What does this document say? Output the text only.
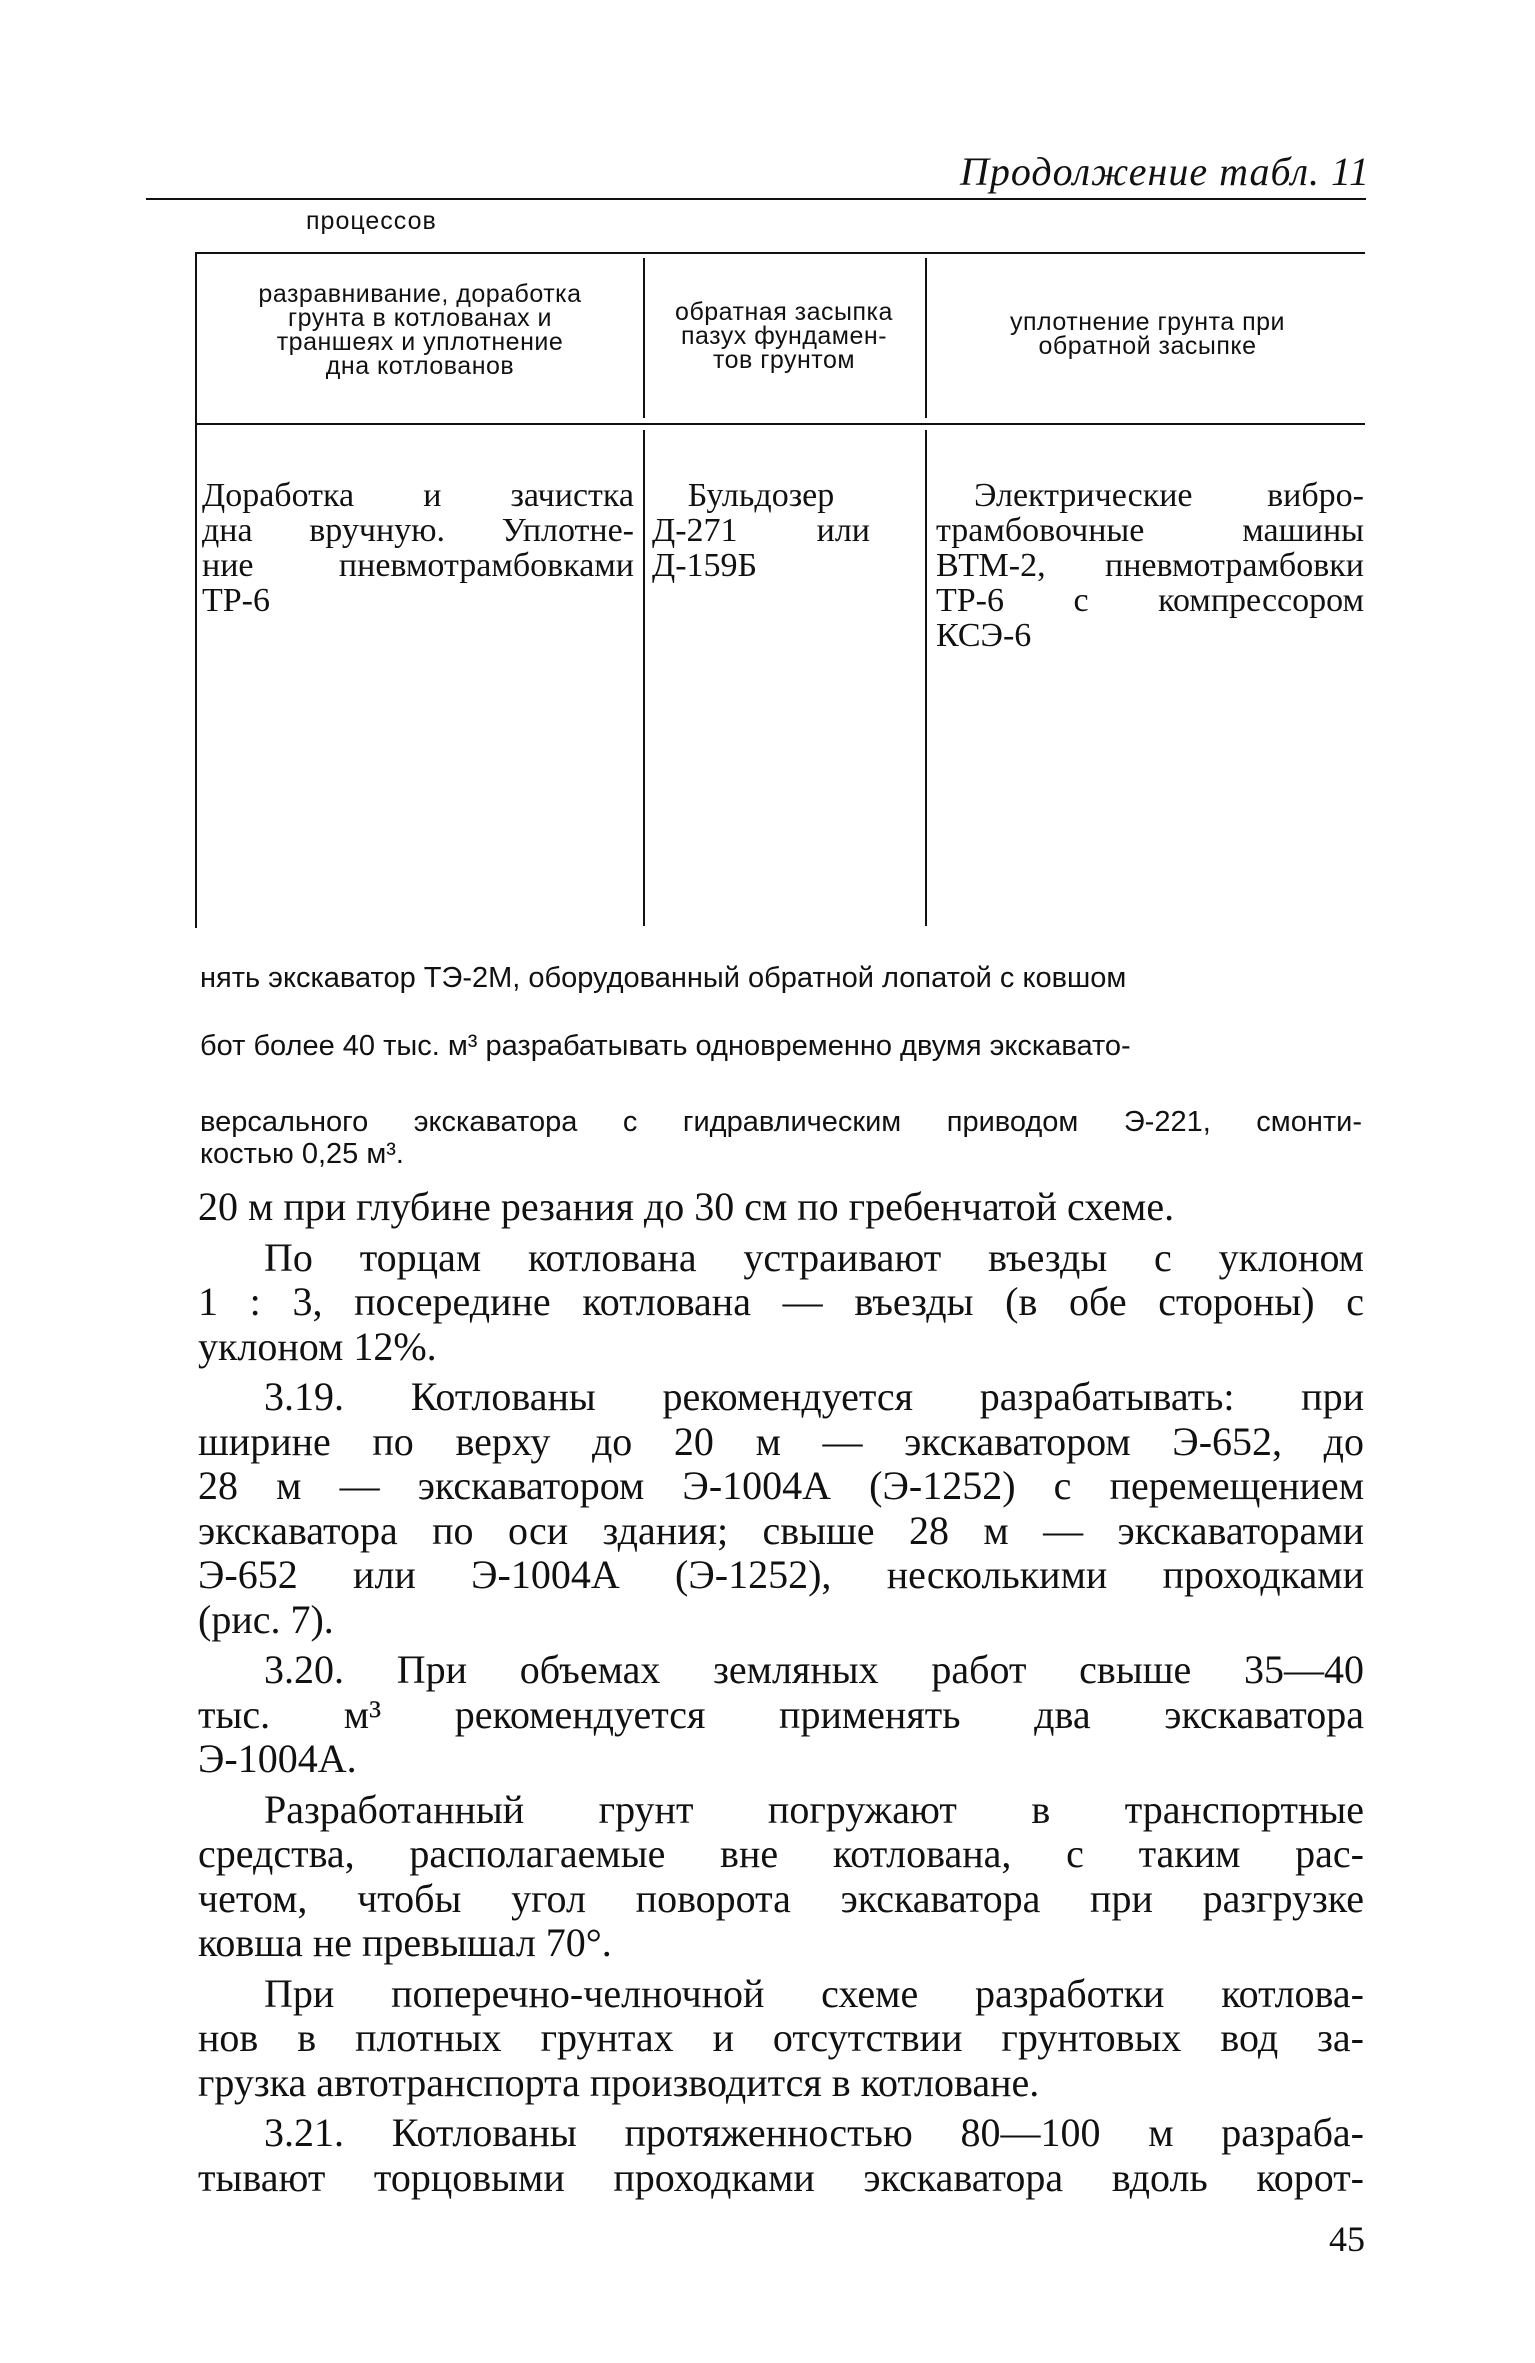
Продолжение табл. 11
процессов
разравнивание, доработка
грунта в котлованах и
траншеях и уплотнение
дна котлованов
обратная засыпка
пазух фундамен-
тов грунтом
уплотнение грунта при
обратной засыпке
Доработка и зачистка
дна вручную. Уплотне-
ние пневмотрамбовками
ТР-6
Бульдозер
Д-271 или
Д-159Б
Электрические вибро-
трамбовочные машины
ВТМ-2, пневмотрамбовки
ТР-6 с компрессором
КСЭ-6
нять экскаватор ТЭ-2М, оборудованный обратной лопатой с ковшом
бот более 40 тыс. м³ разрабатывать одновременно двумя экскавато-
версального экскаватора с гидравлическим приводом Э-221, смонти-
костью 0,25 м³.
20 м при глубине резания до 30 см по гребенчатой схеме.
По торцам котлована устраивают въезды с уклоном
1 : 3, посередине котлована — въезды (в обе стороны) с
уклоном 12%.
3.19. Котлованы рекомендуется разрабатывать: при
ширине по верху до 20 м — экскаватором Э-652, до
28 м — экскаватором Э-1004А (Э-1252) с перемещением
экскаватора по оси здания; свыше 28 м — экскаваторами
Э-652 или Э-1004А (Э-1252), несколькими проходками
(рис. 7).
3.20. При объемах земляных работ свыше 35—40
тыс. м³ рекомендуется применять два экскаватора
Э-1004А.
Разработанный грунт погружают в транспортные
средства, располагаемые вне котлована, с таким рас-
четом, чтобы угол поворота экскаватора при разгрузке
ковша не превышал 70°.
При поперечно-челночной схеме разработки котлова-
нов в плотных грунтах и отсутствии грунтовых вод за-
грузка автотранспорта производится в котловане.
3.21. Котлованы протяженностью 80—100 м разраба-
тывают торцовыми проходками экскаватора вдоль корот-
45
